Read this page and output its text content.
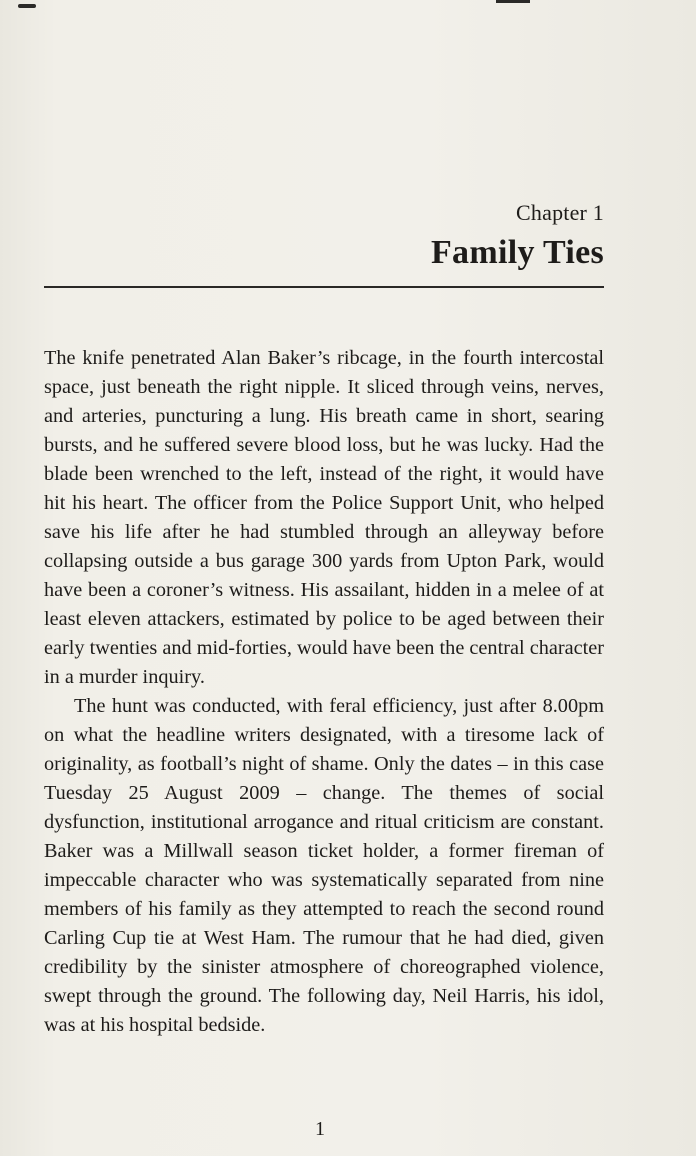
Chapter 1
Family Ties

The knife penetrated Alan Baker’s ribcage, in the fourth intercostal space, just beneath the right nipple. It sliced through veins, nerves, and arteries, puncturing a lung. His breath came in short, searing bursts, and he suffered severe blood loss, but he was lucky. Had the blade been wrenched to the left, instead of the right, it would have hit his heart. The officer from the Police Support Unit, who helped save his life after he had stumbled through an alleyway before collapsing outside a bus garage 300 yards from Upton Park, would have been a coroner’s witness. His assailant, hidden in a melee of at least eleven attackers, estimated by police to be aged between their early twenties and mid-forties, would have been the central character in a murder inquiry.

The hunt was conducted, with feral efficiency, just after 8.00pm on what the headline writers designated, with a tiresome lack of originality, as football’s night of shame. Only the dates – in this case Tuesday 25 August 2009 – change. The themes of social dysfunction, institutional arrogance and ritual criticism are constant. Baker was a Millwall season ticket holder, a former fireman of impeccable character who was systematically separated from nine members of his family as they attempted to reach the second round Carling Cup tie at West Ham. The rumour that he had died, given credibility by the sinister atmosphere of choreographed violence, swept through the ground. The following day, Neil Harris, his idol, was at his hospital bedside.

1
